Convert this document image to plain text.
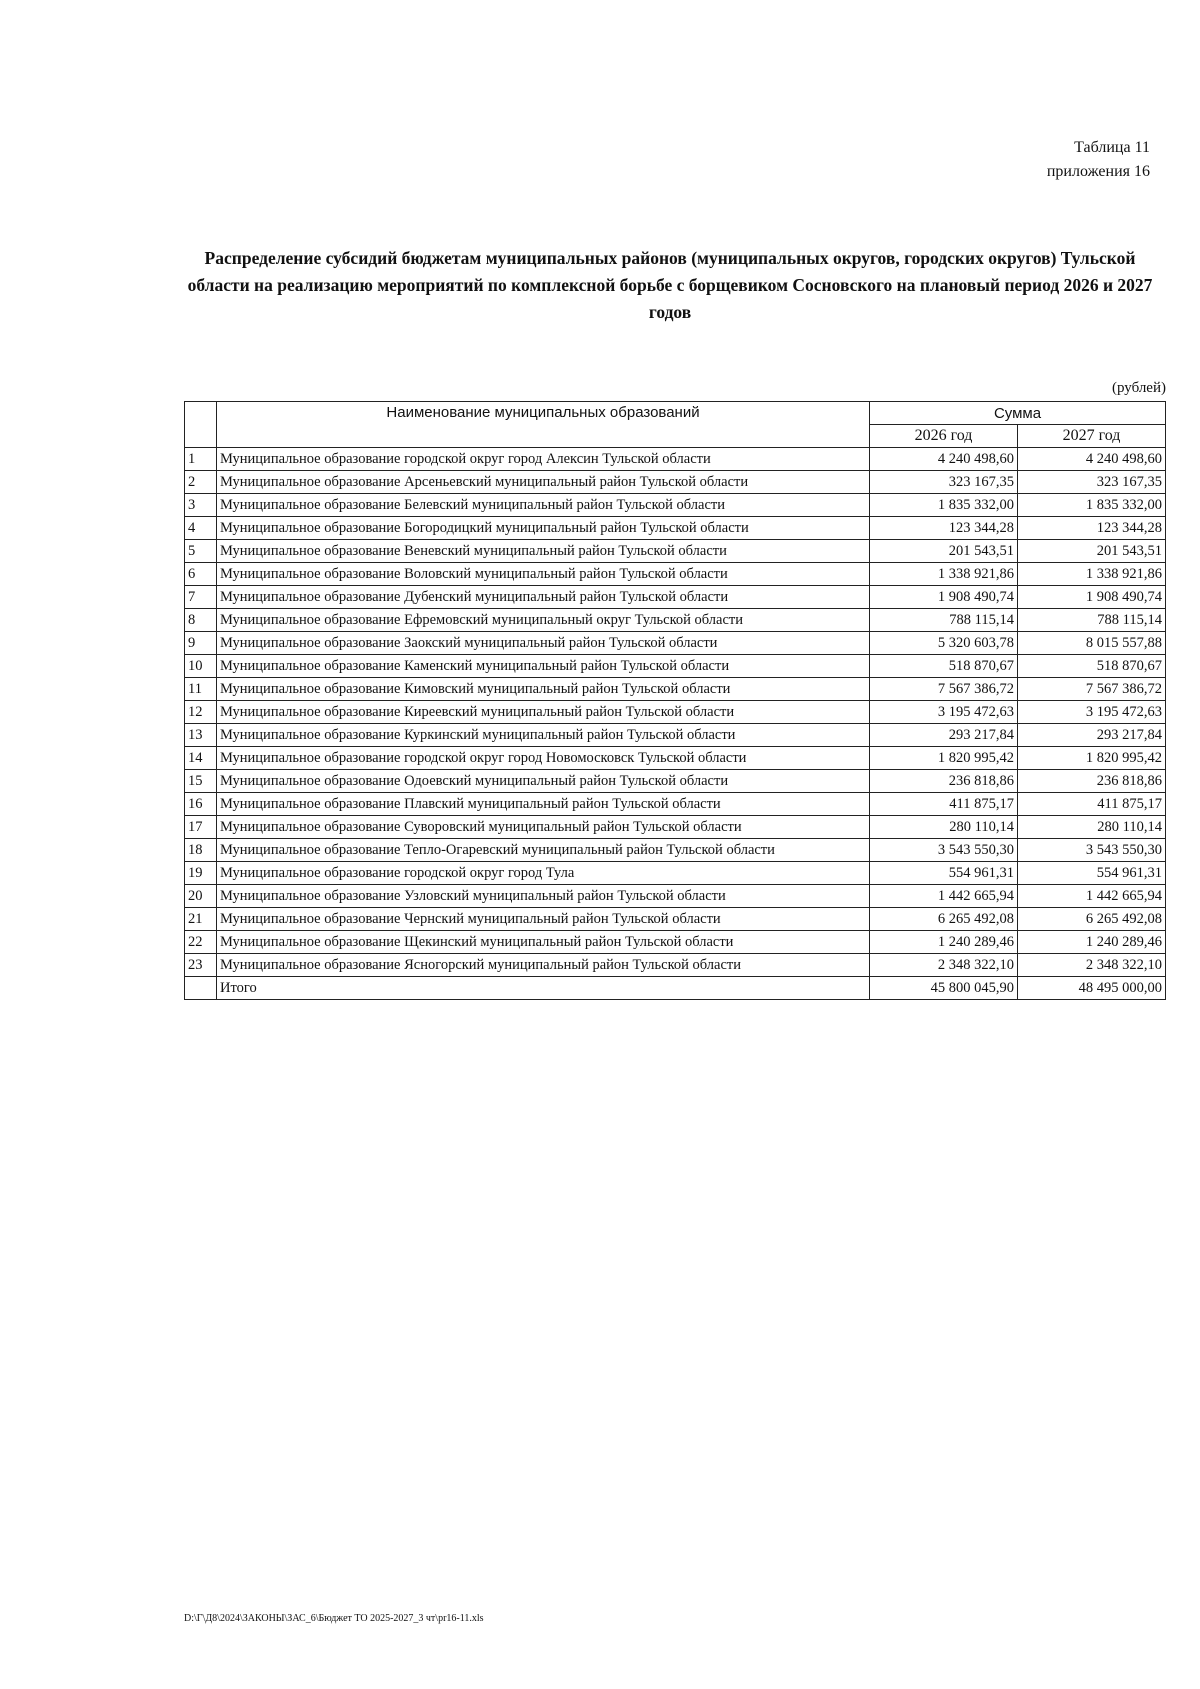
Таблица 11
приложения 16
Распределение субсидий бюджетам муниципальных районов (муниципальных округов, городских округов) Тульской области на реализацию мероприятий по комплексной борьбе с борщевиком Сосновского на плановый период 2026 и 2027 годов
(рублей)
	Наименование муниципальных образований	Сумма	
		2026 год	2027 год
1	Муниципальное образование городской округ город Алексин Тульской области	4 240 498,60	4 240 498,60
2	Муниципальное образование Арсеньевский муниципальный район Тульской области	323 167,35	323 167,35
3	Муниципальное образование Белевский муниципальный район Тульской области	1 835 332,00	1 835 332,00
4	Муниципальное образование Богородицкий муниципальный район Тульской области	123 344,28	123 344,28
5	Муниципальное образование Веневский муниципальный район Тульской области	201 543,51	201 543,51
6	Муниципальное образование Воловский муниципальный район Тульской области	1 338 921,86	1 338 921,86
7	Муниципальное образование Дубенский муниципальный район Тульской области	1 908 490,74	1 908 490,74
8	Муниципальное образование Ефремовский муниципальный округ Тульской области	788 115,14	788 115,14
9	Муниципальное образование Заокский муниципальный район Тульской области	5 320 603,78	8 015 557,88
10	Муниципальное образование Каменский муниципальный район Тульской области	518 870,67	518 870,67
11	Муниципальное образование Кимовский муниципальный район Тульской области	7 567 386,72	7 567 386,72
12	Муниципальное образование Киреевский муниципальный район Тульской области	3 195 472,63	3 195 472,63
13	Муниципальное образование Куркинский муниципальный район Тульской области	293 217,84	293 217,84
14	Муниципальное образование городской округ город Новомосковск Тульской области	1 820 995,42	1 820 995,42
15	Муниципальное образование Одоевский муниципальный район Тульской области	236 818,86	236 818,86
16	Муниципальное образование Плавский муниципальный район Тульской области	411 875,17	411 875,17
17	Муниципальное образование Суворовский муниципальный район Тульской области	280 110,14	280 110,14
18	Муниципальное образование Тепло-Огаревский муниципальный район Тульской области	3 543 550,30	3 543 550,30
19	Муниципальное образование городской округ город Тула	554 961,31	554 961,31
20	Муниципальное образование Узловский муниципальный район Тульской области	1 442 665,94	1 442 665,94
21	Муниципальное образование Чернский муниципальный район Тульской области	6 265 492,08	6 265 492,08
22	Муниципальное образование Щекинский муниципальный район Тульской области	1 240 289,46	1 240 289,46
23	Муниципальное образование Ясногорский муниципальный район Тульской области	2 348 322,10	2 348 322,10
	Итого	45 800 045,90	48 495 000,00
D:\Г\Д8\2024\ЗАКОНЫ\ЗАС_6\Бюджет ТО 2025-2027_3 чт\pr16-11.xls
